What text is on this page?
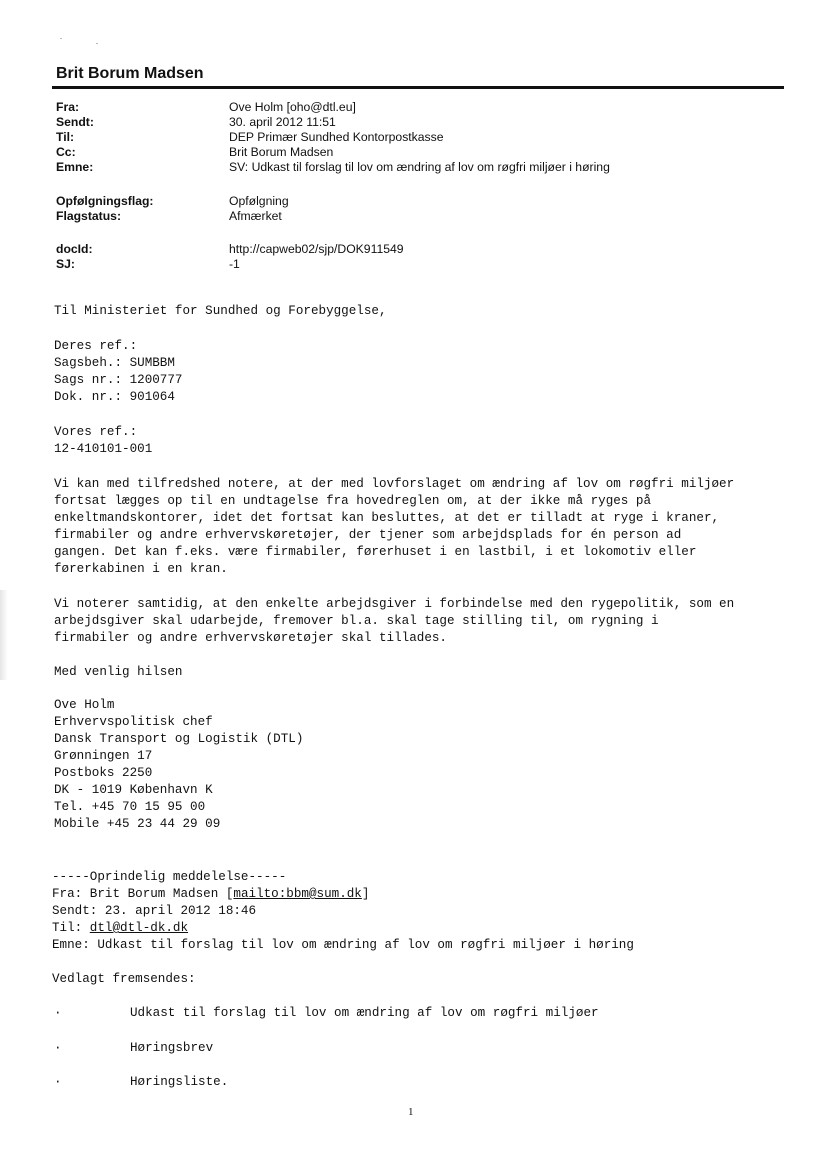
Brit Borum Madsen
Fra:	Ove Holm [oho@dtl.eu]
Sendt:	30. april 2012 11:51
Til:	DEP Primær Sundhed Kontorpostkasse
Cc:	Brit Borum Madsen
Emne:	SV: Udkast til forslag til lov om ændring af lov om røgfri miljøer i høring
Opfølgningsflag:	Opfølgning
Flagstatus:	Afmærket
docId:	http://capweb02/sjp/DOK911549
SJ:	-1
Til Ministeriet for Sundhed og Forebyggelse,
Deres ref.:
Sagsbeh.: SUMBBM
Sags nr.: 1200777
Dok. nr.: 901064
Vores ref.:
12-410101-001
Vi kan med tilfredshed notere, at der med lovforslaget om ændring af lov om røgfri miljøer
fortsat lægges op til en undtagelse fra hovedreglen om, at der ikke må ryges på
enkeltmandskontorer, idet det fortsat kan besluttes, at det er tilladt at ryge i kraner,
firmabiler og andre erhvervskøretøjer, der tjener som arbejdsplads for én person ad
gangen. Det kan f.eks. være firmabiler, førerhuset i en lastbil, i et lokomotiv eller
førerkabinen i en kran.
Vi noterer samtidig, at den enkelte arbejdsgiver i forbindelse med den rygepolitik, som en
arbejdsgiver skal udarbejde, fremover bl.a. skal tage stilling til, om rygning i
firmabiler og andre erhvervskøretøjer skal tillades.
Med venlig hilsen
Ove Holm
Erhvervspolitisk chef
Dansk Transport og Logistik (DTL)
Grønningen 17
Postboks 2250
DK - 1019 København K
Tel. +45 70 15 95 00
Mobile +45 23 44 29 09
-----Oprindelig meddelelse-----
Fra: Brit Borum Madsen [mailto:bbm@sum.dk]
Sendt: 23. april 2012 18:46
Til: dtl@dtl-dk.dk
Emne: Udkast til forslag til lov om ændring af lov om røgfri miljøer i høring
Vedlagt fremsendes:
·	Udkast til forslag til lov om ændring af lov om røgfri miljøer
·	Høringsbrev
·	Høringsliste.
1
